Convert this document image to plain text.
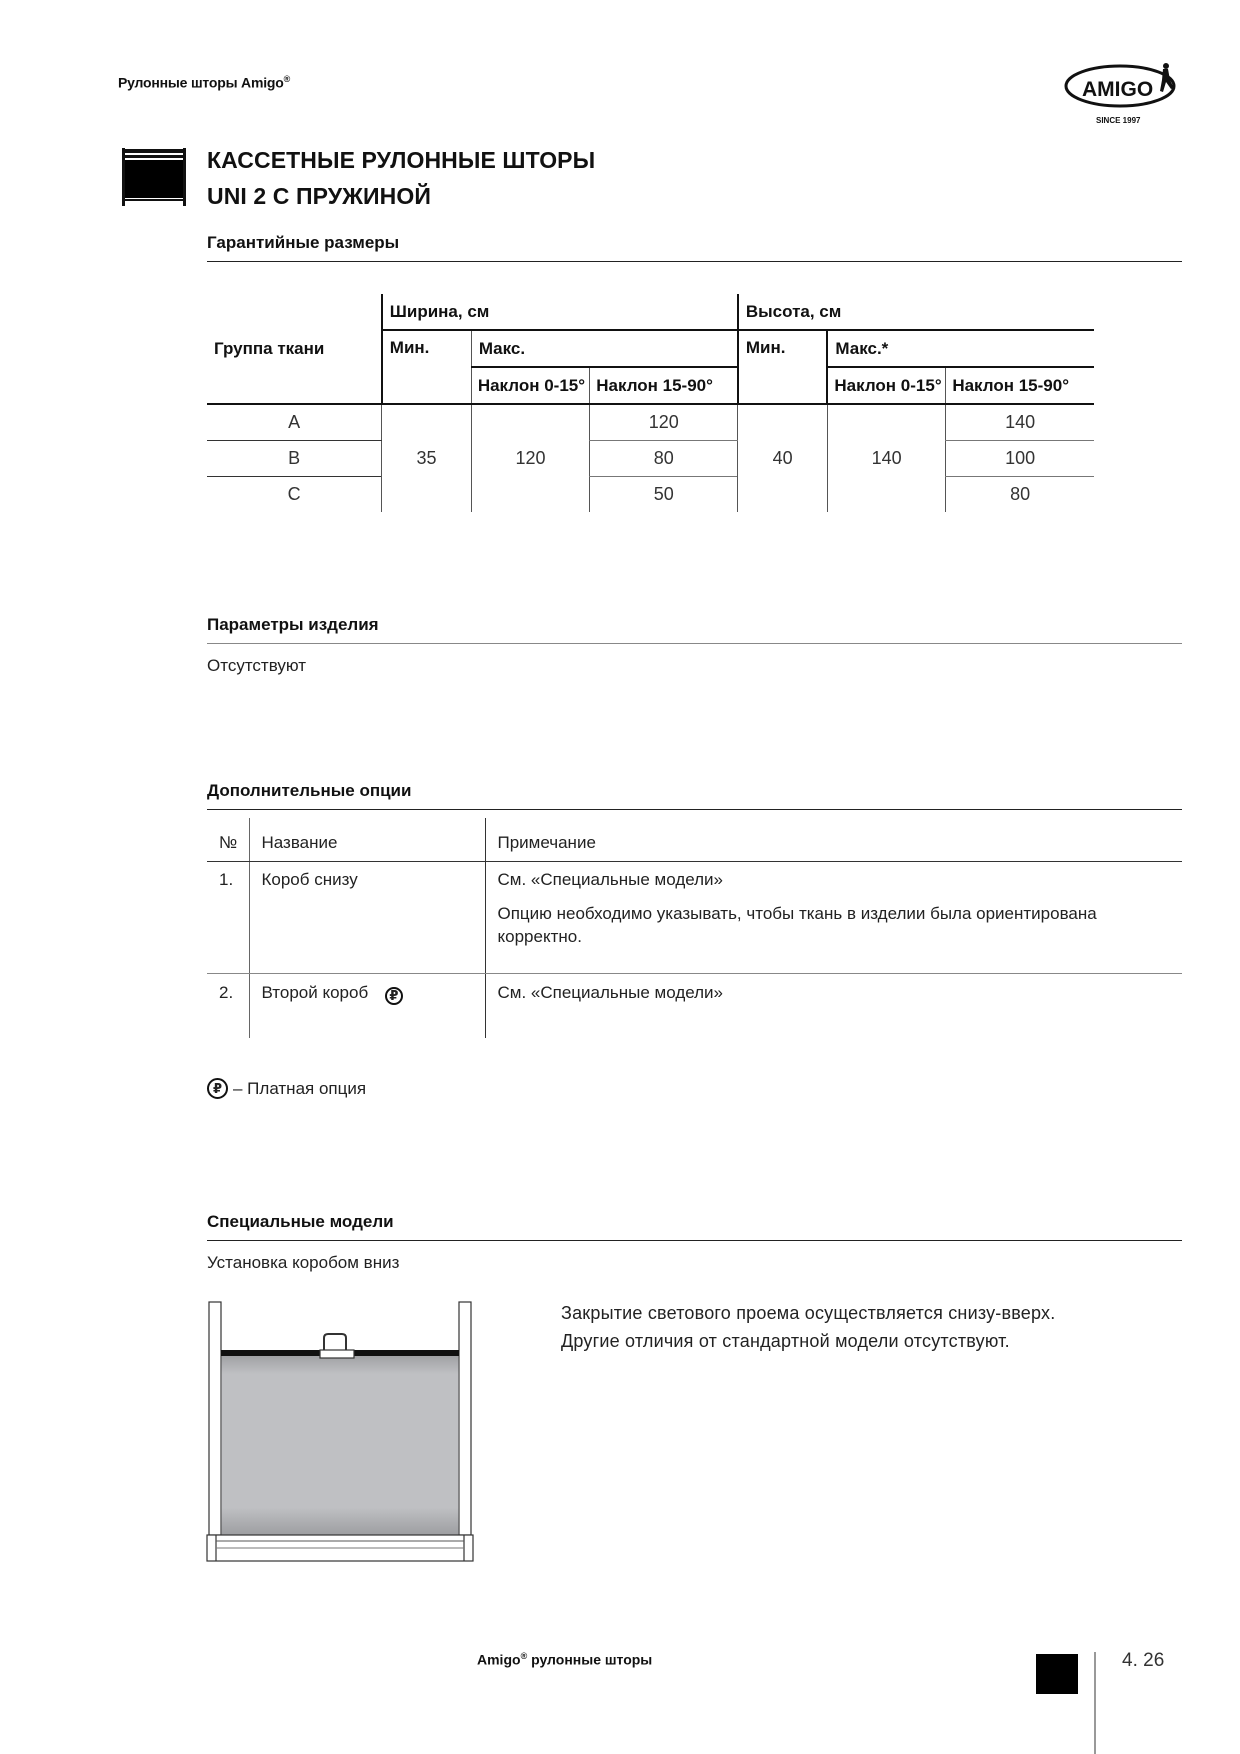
Рулонные шторы Amigo®	AMIGO
SINCE 1997
КАССЕТНЫЕ РУЛОННЫЕ ШТОРЫ
UNI 2 С ПРУЖИНОЙ
Гарантийные размеры
Группа ткани	Ширина, см			Высота, см		
	Мин.	Макс.		Мин.	Макс.*	
		Наклон 0-15°	Наклон 15-90°		Наклон 0-15°	Наклон 15-90°
A	35	120	120	40	140	140
B			80			100
C			50			80
Параметры изделия
Отсутствуют
Дополнительные опции
№	Название	Примечание
1.	Короб снизу	См. «Специальные модели»
Опцию необходимо указывать, чтобы ткань в изделии была ориентирована корректно.

2.	Второй короб ₽	См. «Специальные модели»
₽ – Платная опция
Специальные модели
Установка коробом вниз
Закрытие светового проема осуществляется снизу-вверх.
Другие отличия от стандартной модели отсутствуют.
Amigo® рулонные шторы	4. 26
